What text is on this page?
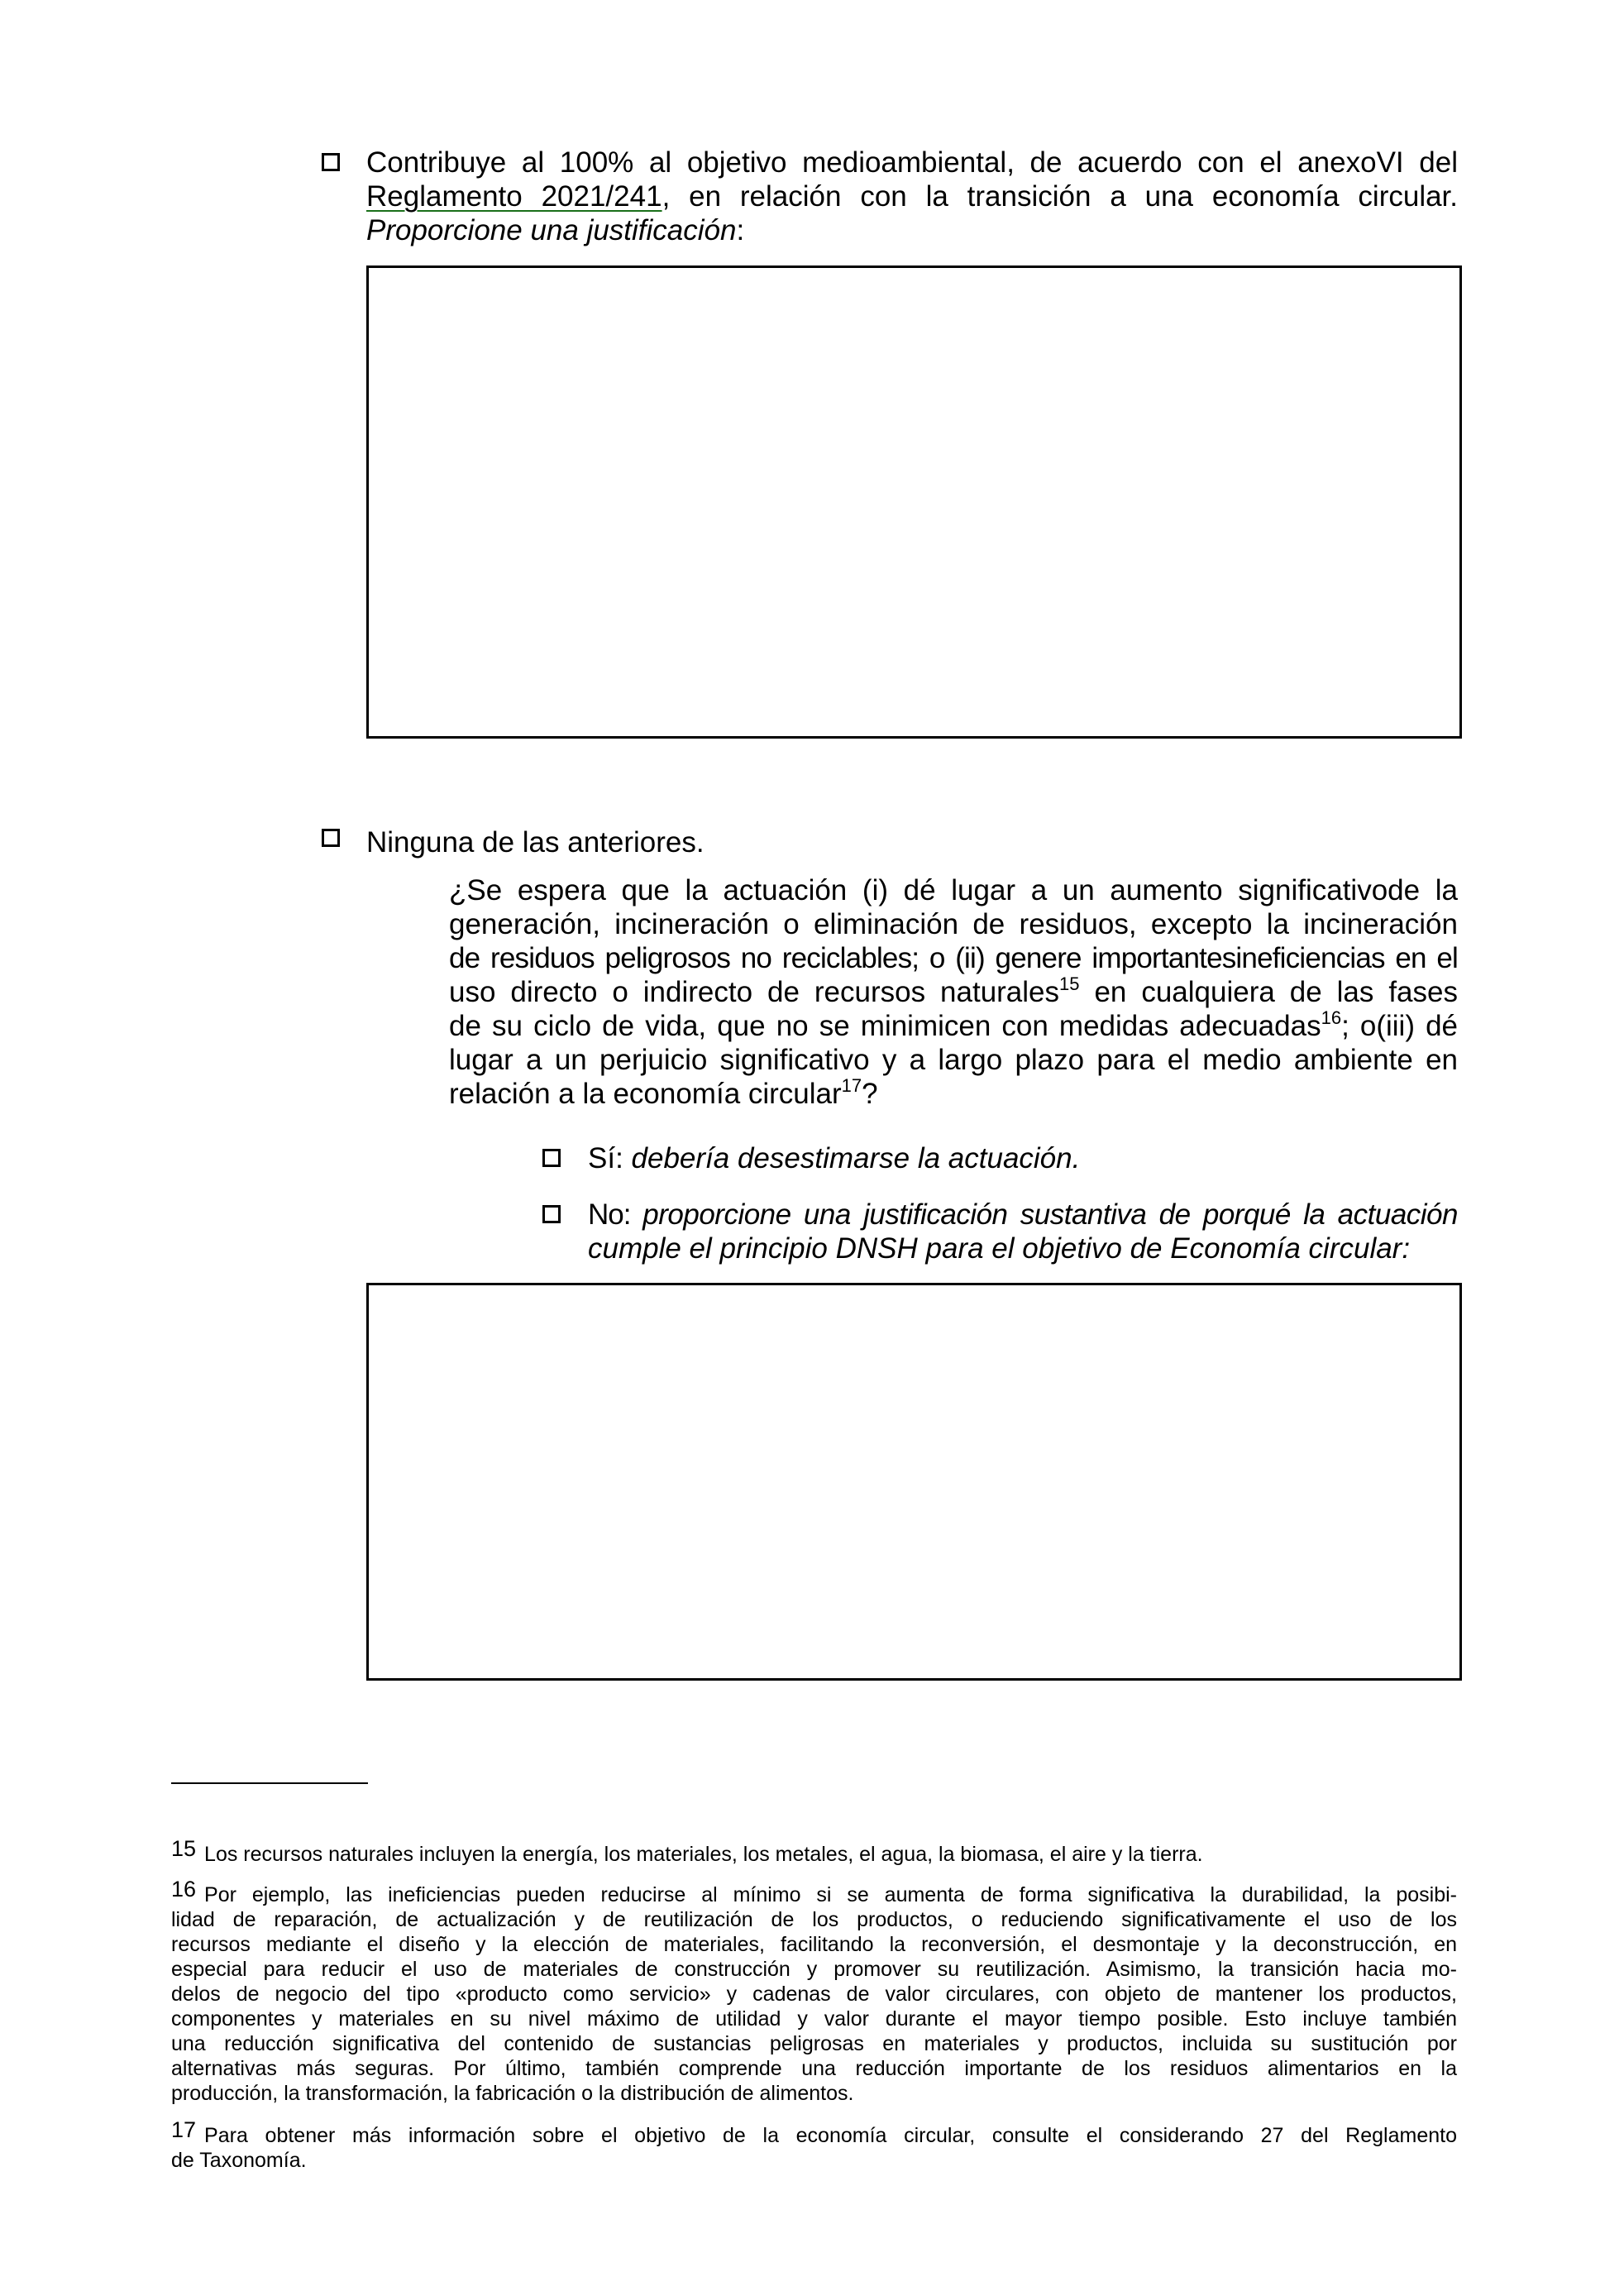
Contribuye al 100% al objetivo medioambiental, de acuerdo con el anexoVI del
Reglamento 2021/241, en relación con la transición a una economía circular.
Proporcione una justificación:
Ninguna de las anteriores.
¿Se espera que la actuación (i) dé lugar a un aumento significativode la
generación, incineración o eliminación de residuos, excepto la incineración
de residuos peligrosos no reciclables; o (ii) genere importantesineficiencias en el
uso directo o indirecto de recursos naturales$^{15}$ en cualquiera de las fases
de su ciclo de vida, que no se minimicen con medidas adecuadas$^{16}$; o(iii) dé
lugar a un perjuicio significativo y a largo plazo para el medio ambiente en
relación a la economía circular$^{17}$?
Sí: debería desestimarse la actuación.
No: proporcione una justificación sustantiva de porqué la actuación
cumple el principio DNSH para el objetivo de Economía circular:
15 Los recursos naturales incluyen la energía, los materiales, los metales, el agua, la biomasa, el aire y la tierra.
16 Por ejemplo, las ineficiencias pueden reducirse al mínimo si se aumenta de forma significativa la durabilidad, la posibi-
lidad de reparación, de actualización y de reutilización de los productos, o reduciendo significativamente el uso de los
recursos mediante el diseño y la elección de materiales, facilitando la reconversión, el desmontaje y la deconstrucción, en
especial para reducir el uso de materiales de construcción y promover su reutilización. Asimismo, la transición hacia mo-
delos de negocio del tipo «producto como servicio» y cadenas de valor circulares, con objeto de mantener los productos,
componentes y materiales en su nivel máximo de utilidad y valor durante el mayor tiempo posible. Esto incluye también
una reducción significativa del contenido de sustancias peligrosas en materiales y productos, incluida su sustitución por
alternativas más seguras. Por último, también comprende una reducción importante de los residuos alimentarios en la
producción, la transformación, la fabricación o la distribución de alimentos.
17 Para obtener más información sobre el objetivo de la economía circular, consulte el considerando 27 del Reglamento
de Taxonomía.
